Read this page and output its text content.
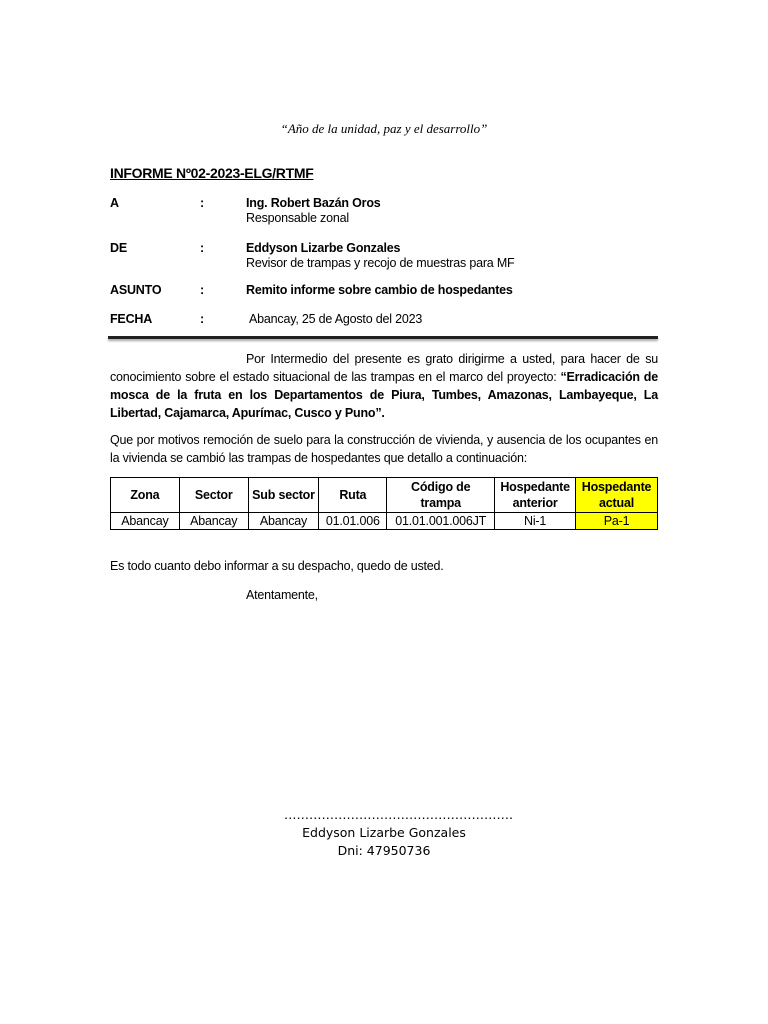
“Año de la unidad, paz y el desarrollo”
INFORME Nº02-2023-ELG/RTMF
A	:	Ing. Robert Bazán Oros
Responsable zonal
DE	:	Eddyson Lizarbe Gonzales
Revisor de trampas y recojo de muestras para MF
ASUNTO	:	Remito informe sobre cambio de hospedantes
FECHA	:	Abancay, 25 de Agosto del 2023
Por Intermedio del presente es grato dirigirme a usted, para hacer de su conocimiento sobre el estado situacional de las trampas en el marco del proyecto: “Erradicación de mosca de la fruta en los Departamentos de Piura, Tumbes, Amazonas, Lambayeque, La Libertad, Cajamarca, Apurímac, Cusco y Puno”.
Que por motivos remoción de suelo para la construcción de vivienda, y ausencia de los ocupantes en la vivienda se cambió las trampas de hospedantes que detallo a continuación:
Zona	Sector	Sub sector	Ruta	Código de trampa	Hospedante anterior	Hospedante actual
Abancay	Abancay	Abancay	01.01.006	01.01.001.006JT	Ni-1	Pa-1
Es todo cuanto debo informar a su despacho, quedo de usted.
Atentamente,
……………………………………………….
Eddyson Lizarbe Gonzales
Dni: 47950736
